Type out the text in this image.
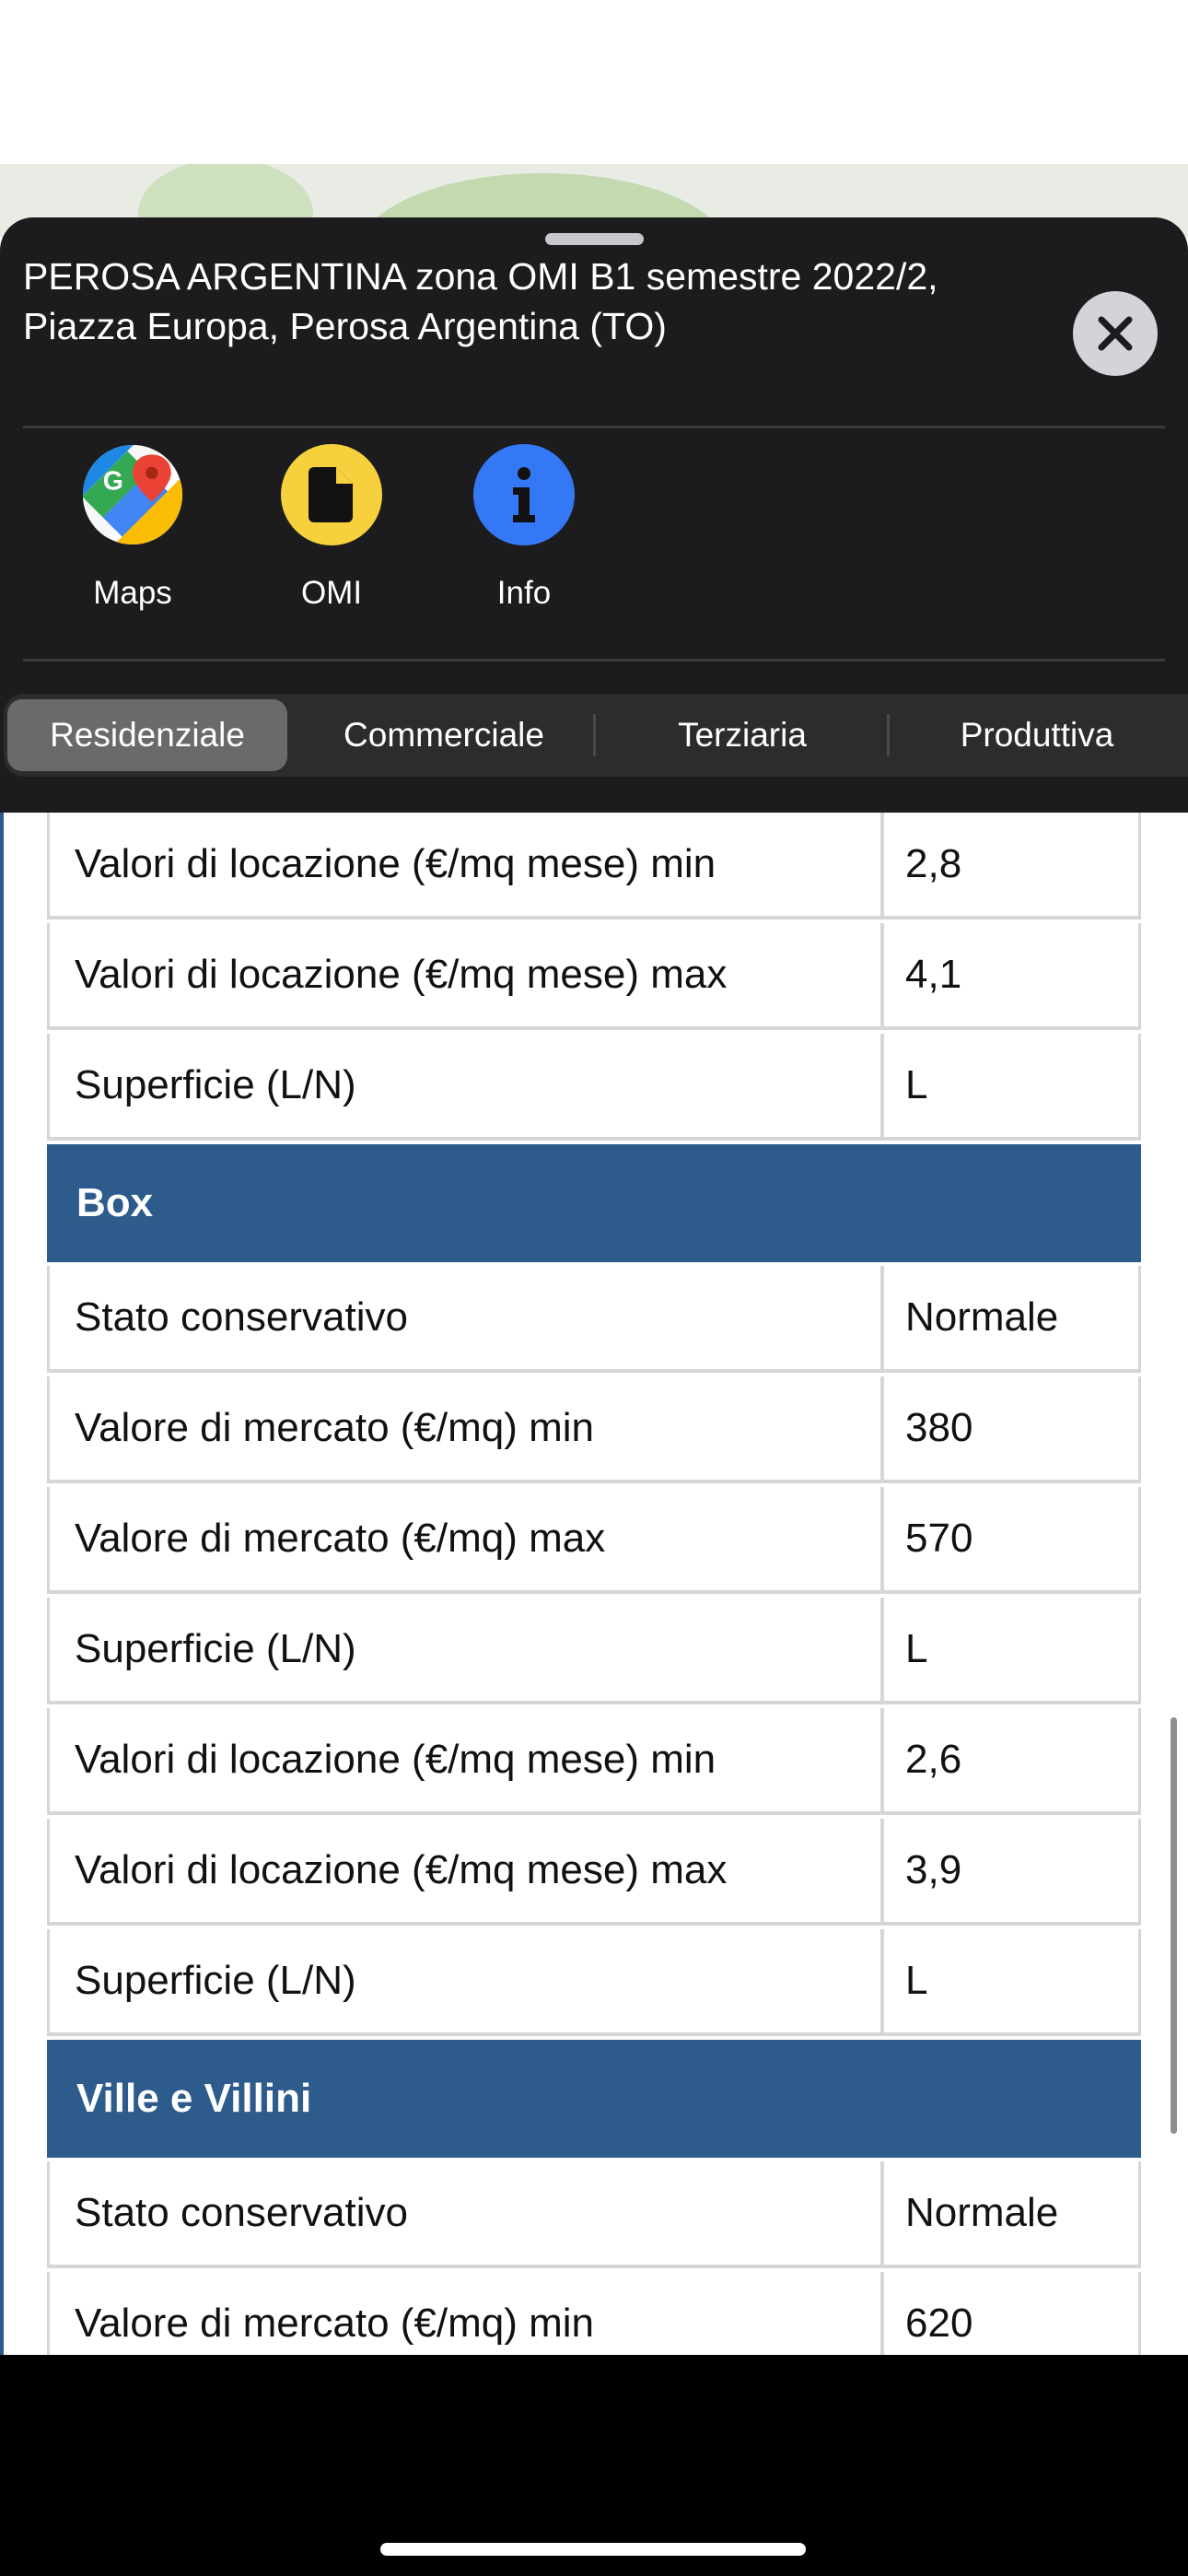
PEROSA ARGENTINA zona OMI B1 semestre 2022/2, Piazza Europa, Perosa Argentina (TO)
G
Maps	OMI	Info
Residenziale	Commerciale	Terziaria	Produttiva
Valori di locazione (€/mq mese) min	2,8
Valori di locazione (€/mq mese) max	4,1
Superficie (L/N)	L
Box
Stato conservativo	Normale
Valore di mercato (€/mq) min	380
Valore di mercato (€/mq) max	570
Superficie (L/N)	L
Valori di locazione (€/mq mese) min	2,6
Valori di locazione (€/mq mese) max	3,9
Superficie (L/N)	L
Ville e Villini
Stato conservativo	Normale
Valore di mercato (€/mq) min	620
